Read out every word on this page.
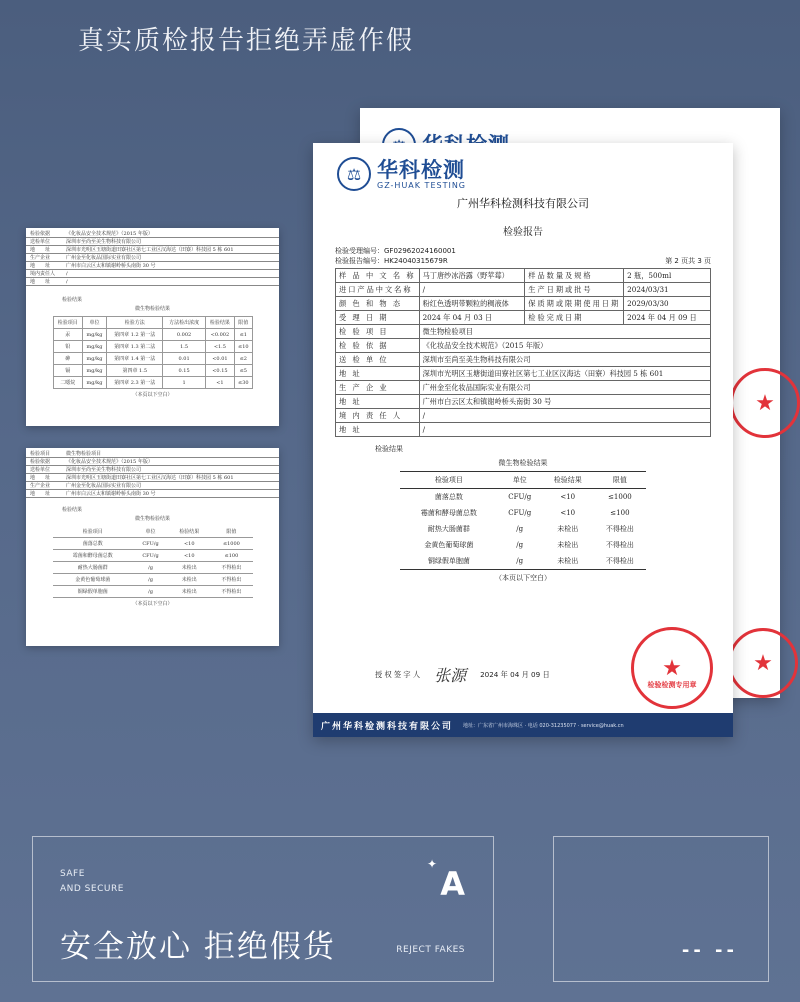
真实质检报告拒绝弄虚作假
★
★
⚖ 华科检测
GZ-HUAK TESTING
广州华科检测科技有限公司
检验报告
检验受理编号：GF02962024160001
检验报告编号：HK24040315679R	第 2 页共 3 页
样 品 中 文 名 称	马丁唐纱冰浴露（野苹莓）	样品数量及规格	2 瓶，500ml
进口产品中文名称	/	生产日期或批号	2024/03/31
颜 色 和 物 态	粉红色透明带颗粒的稠液体	保质期或限期使用日期	2029/03/30
受 理 日 期	2024 年 04 月 03 日	检验完成日期	2024 年 04 月 09 日
检 验 项 目	微生物检验项目		
检 验 依 据	《化妆品安全技术规范》（2015 年版）		
送 检 单 位	深圳市至尚至美生物科技有限公司		
地 址	深圳市光明区玉塘街道田寮社区第七工业区汉海达（田寮）科技园 5 栋 601		
生 产 企 业	广州金至化妆品国际实业有限公司		
地 址	广州市白云区太和镇谢岭桥头南街 30 号		
境 内 责 任 人	/		
地 址	/		
检验结果
微生物检验结果
检验项目	单位	检验结果	限值
菌落总数	CFU/g	<10	≤1000
霉菌和酵母菌总数	CFU/g	<10	≤100
耐热大肠菌群	/g	未检出	不得检出
金黄色葡萄球菌	/g	未检出	不得检出
铜绿假单胞菌	/g	未检出	不得检出
（本页以下空白）
授 权 签 字 人 张源 2024 年 04 月 09 日	★
检验检测专用章
广州华科检测科技有限公司 地址：广东省广州市海珠区 · 电话 020-31235077 · service@huak.cn
检验依据	《化妆品安全技术规范》（2015 年版）
送检单位	深圳市至尚至美生物科技有限公司
地　　址	深圳市光明区玉塘街道田寮社区第七工业区汉海达（田寮）科技园 5 栋 601
生产企业	广州金至化妆品国际实业有限公司
地　　址	广州市白云区太和镇谢岭桥头南街 30 号
境内责任人	/
地　　址	/
检验结果
微生物检验结果
检验项目	单位	检验方法	方法检出浓度	检验结果	限值
汞	mg/kg	第四章 1.2 第一法	0.002	<0.002	≤1
铅	mg/kg	第四章 1.3 第二法	1.5	<1.5	≤10
砷	mg/kg	第四章 1.4 第一法	0.01	<0.01	≤2
镉	mg/kg	第四章 1.5	0.15	<0.15	≤5
二噁烷	mg/kg	第四章 2.3 第一法	1	<1	≤30
（本页以下空白）
检验项目	微生物检验项目
检验依据	《化妆品安全技术规范》（2015 年版）
送检单位	深圳市至尚至美生物科技有限公司
地　　址	深圳市光明区玉塘街道田寮社区第七工业区汉海达（田寮）科技园 5 栋 601
生产企业	广州金至化妆品国际实业有限公司
地　　址	广州市白云区太和镇谢岭桥头南街 30 号
检验结果
微生物检验结果
检验项目	单位	检验结果	限值
菌落总数	CFU/g	<10	≤1000
霉菌和酵母菌总数	CFU/g	<10	≤100
耐热大肠菌群	/g	未检出	不得检出
金黄色葡萄球菌	/g	未检出	不得检出
铜绿假单胞菌	/g	未检出	不得检出
（本页以下空白）
SAFE
AND SECURE
✦
A
安全放心 拒绝假货	REJECT FAKES	-- --
